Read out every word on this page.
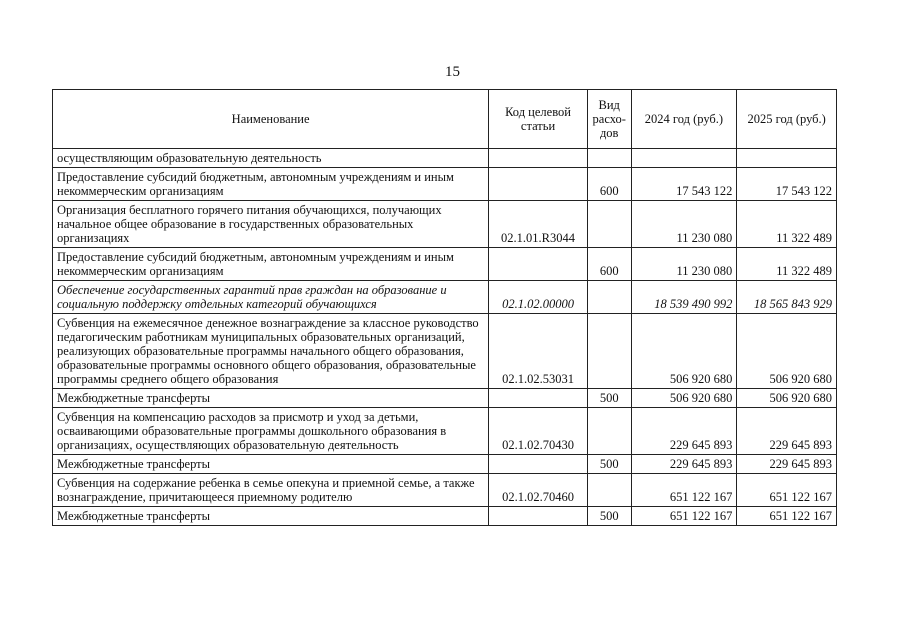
15
Наименование	Код целевой статьи	Вид расхо-дов	2024 год (руб.)	2025 год (руб.)
осуществляющим образовательную деятельность				
Предоставление субсидий бюджетным, автономным учреждениям и иным некоммерческим организациям		600	17 543 122	17 543 122
Организация бесплатного горячего питания обучающихся, получающих начальное общее образование в государственных образовательных организациях	02.1.01.R3044		11 230 080	11 322 489
Предоставление субсидий бюджетным, автономным учреждениям и иным некоммерческим организациям		600	11 230 080	11 322 489
Обеспечение государственных гарантий прав граждан на образование и социальную поддержку отдельных категорий обучающихся	02.1.02.00000		18 539 490 992	18 565 843 929
Субвенция на ежемесячное денежное вознаграждение за классное руководство педагогическим работникам муниципальных образовательных организаций, реализующих образовательные программы начального общего образования, образовательные программы основного общего образования, образовательные программы среднего общего образования	02.1.02.53031		506 920 680	506 920 680
Межбюджетные трансферты		500	506 920 680	506 920 680
Субвенция на компенсацию расходов за присмотр и уход за детьми, осваивающими образовательные программы дошкольного образования в организациях, осуществляющих образовательную деятельность	02.1.02.70430		229 645 893	229 645 893
Межбюджетные трансферты		500	229 645 893	229 645 893
Субвенция на содержание ребенка в семье опекуна и приемной семье, а также вознаграждение, причитающееся приемному родителю	02.1.02.70460		651 122 167	651 122 167
Межбюджетные трансферты		500	651 122 167	651 122 167
